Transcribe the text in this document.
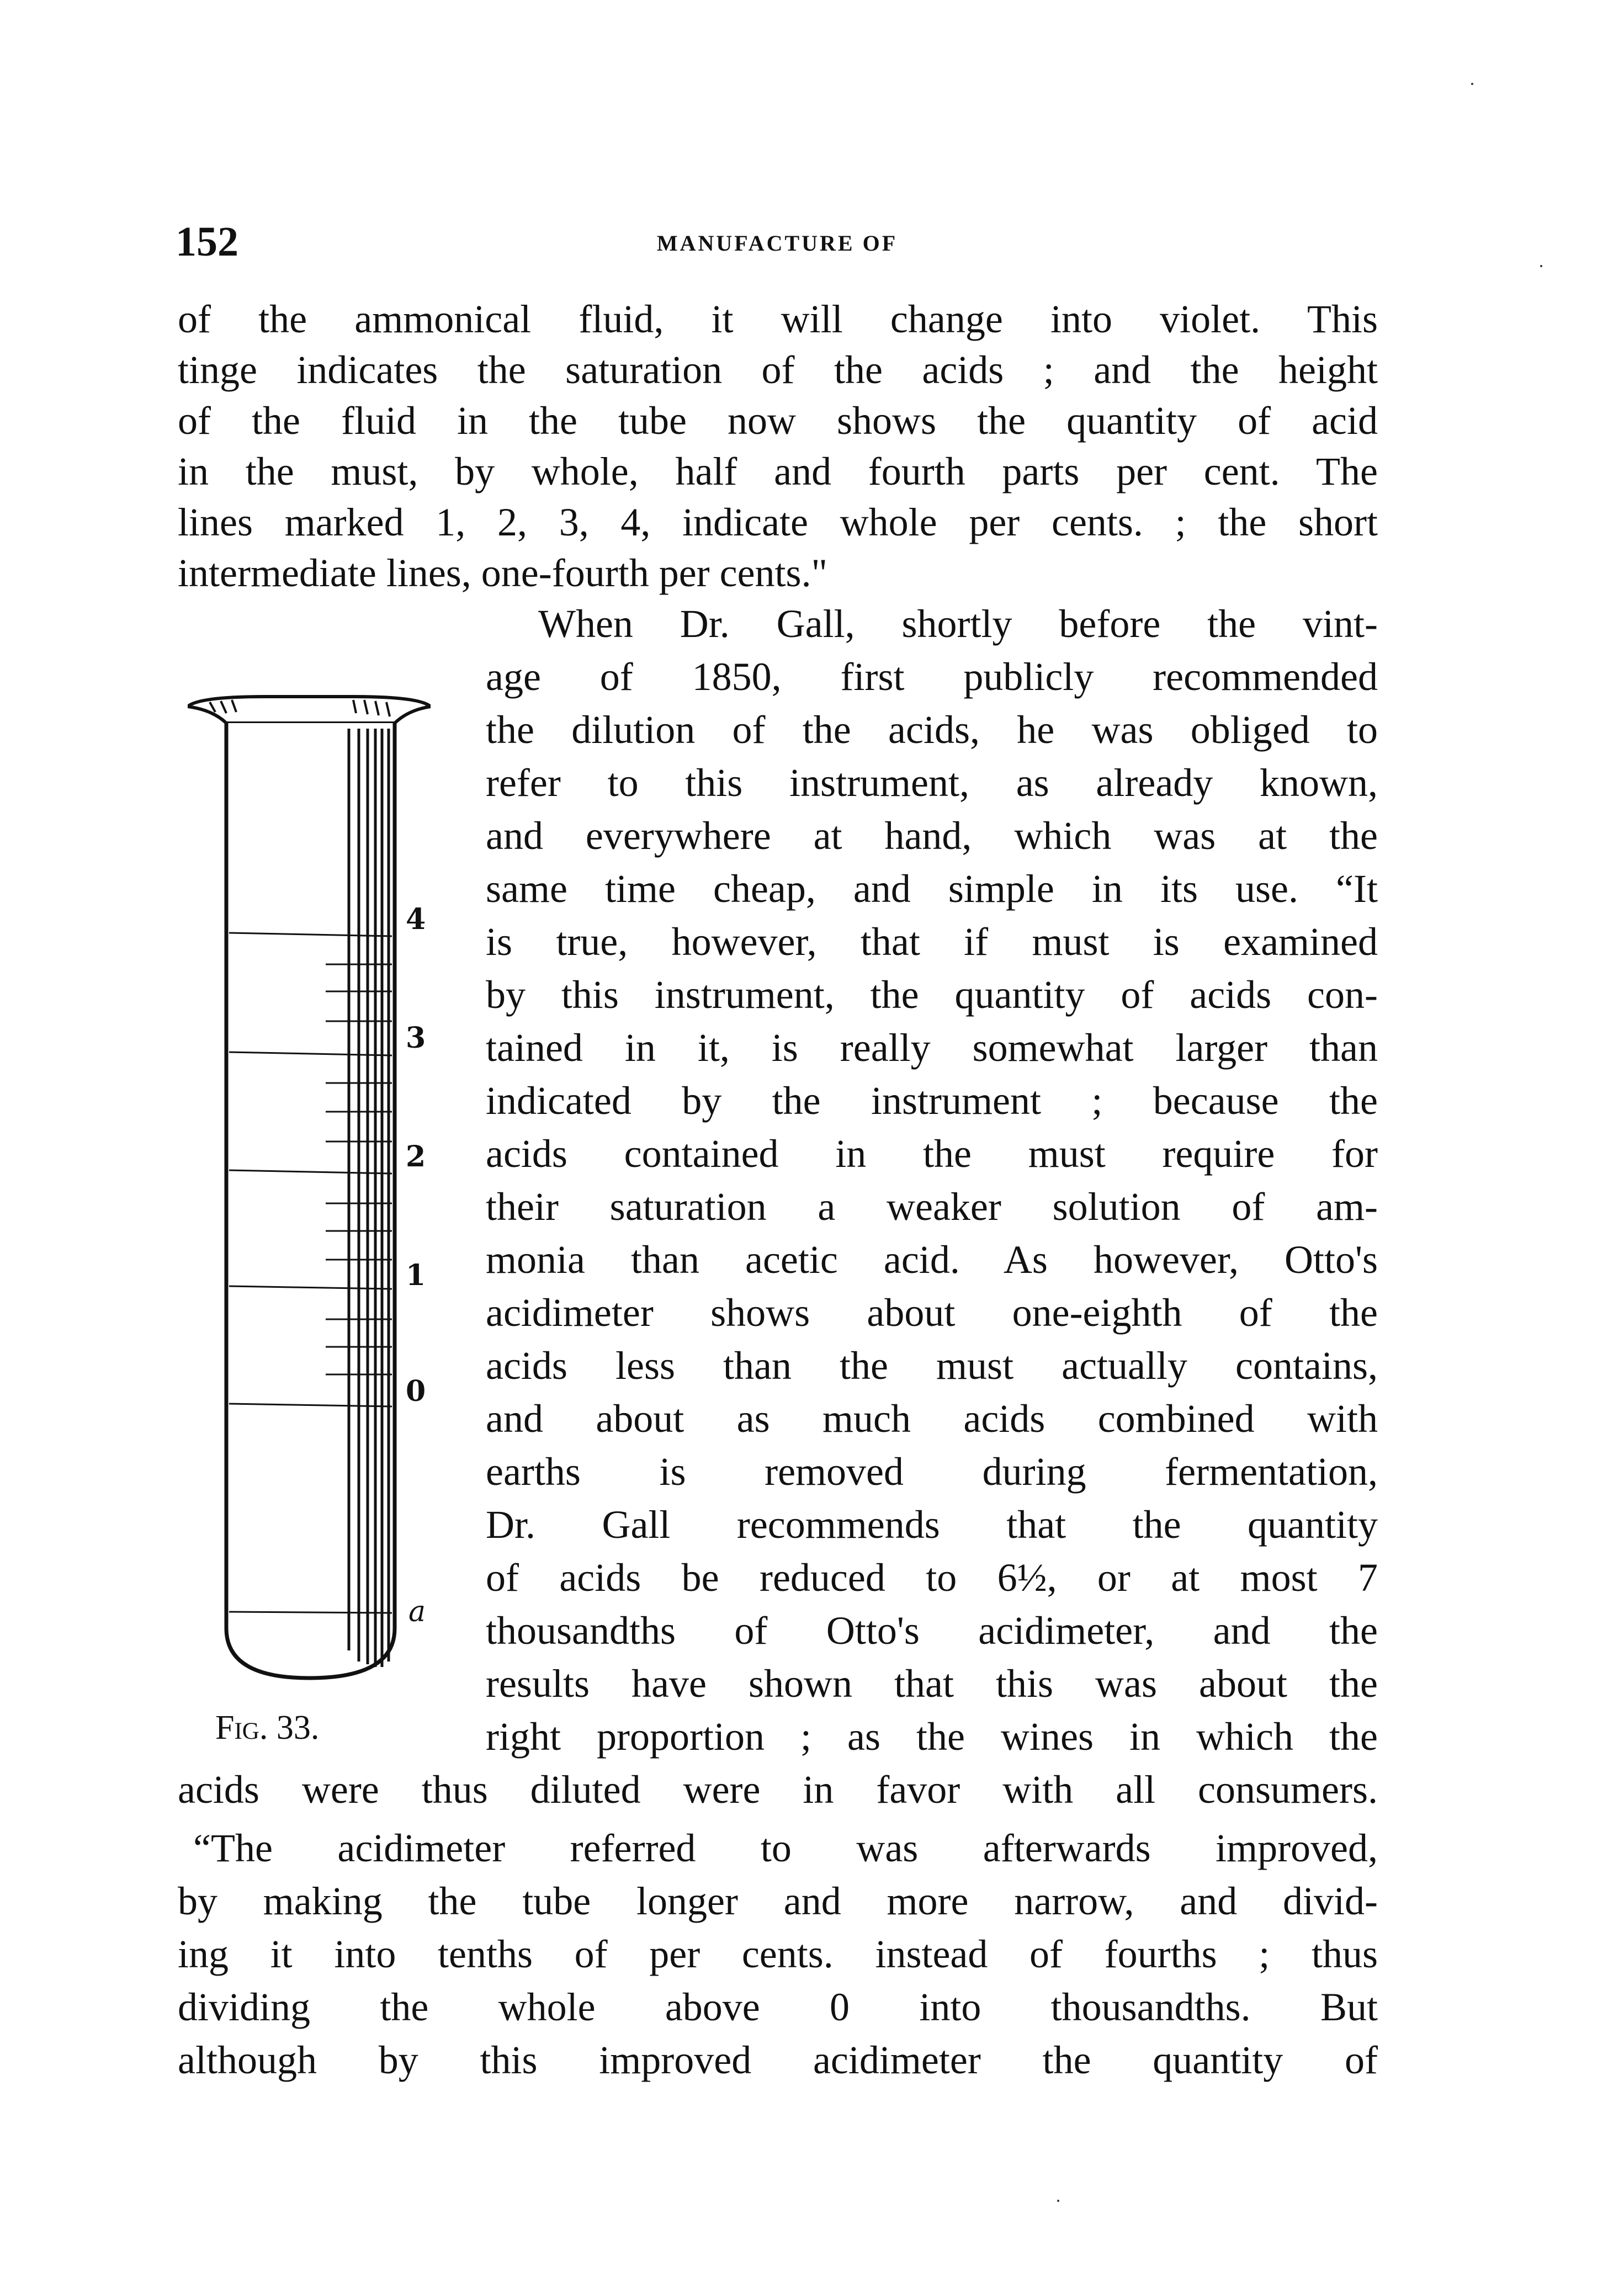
152	MANUFACTURE OF
of the ammonical fluid, it will change into violet. This
tinge indicates the saturation of the acids ; and the height
of the fluid in the tube now shows the quantity of acid
in the must, by whole, half and fourth parts per cent. The
lines marked 1, 2, 3, 4, indicate whole per cents. ; the short
intermediate lines, one-fourth per cents."
4
3
2
1
0
a
Fig. 33.
When Dr. Gall, shortly before the vint-
age of 1850, first publicly recommended
the dilution of the acids, he was obliged to
refer to this instrument, as already known,
and everywhere at hand, which was at the
same time cheap, and simple in its use. “It
is true, however, that if must is examined
by this instrument, the quantity of acids con-
tained in it, is really somewhat larger than
indicated by the instrument ; because the
acids contained in the must require for
their saturation a weaker solution of am-
monia than acetic acid. As however, Otto's
acidimeter shows about one-eighth of the
acids less than the must actually contains,
and about as much acids combined with
earths is removed during fermentation,
Dr. Gall recommends that the quantity
of acids be reduced to 6½, or at most 7
thousandths of Otto's acidimeter, and the
results have shown that this was about the
right proportion ; as the wines in which the
acids were thus diluted were in favor with all consumers.
“The acidimeter referred to was afterwards improved,
by making the tube longer and more narrow, and divid-
ing it into tenths of per cents. instead of fourths ; thus
dividing the whole above 0 into thousandths. But
although by this improved acidimeter the quantity of
